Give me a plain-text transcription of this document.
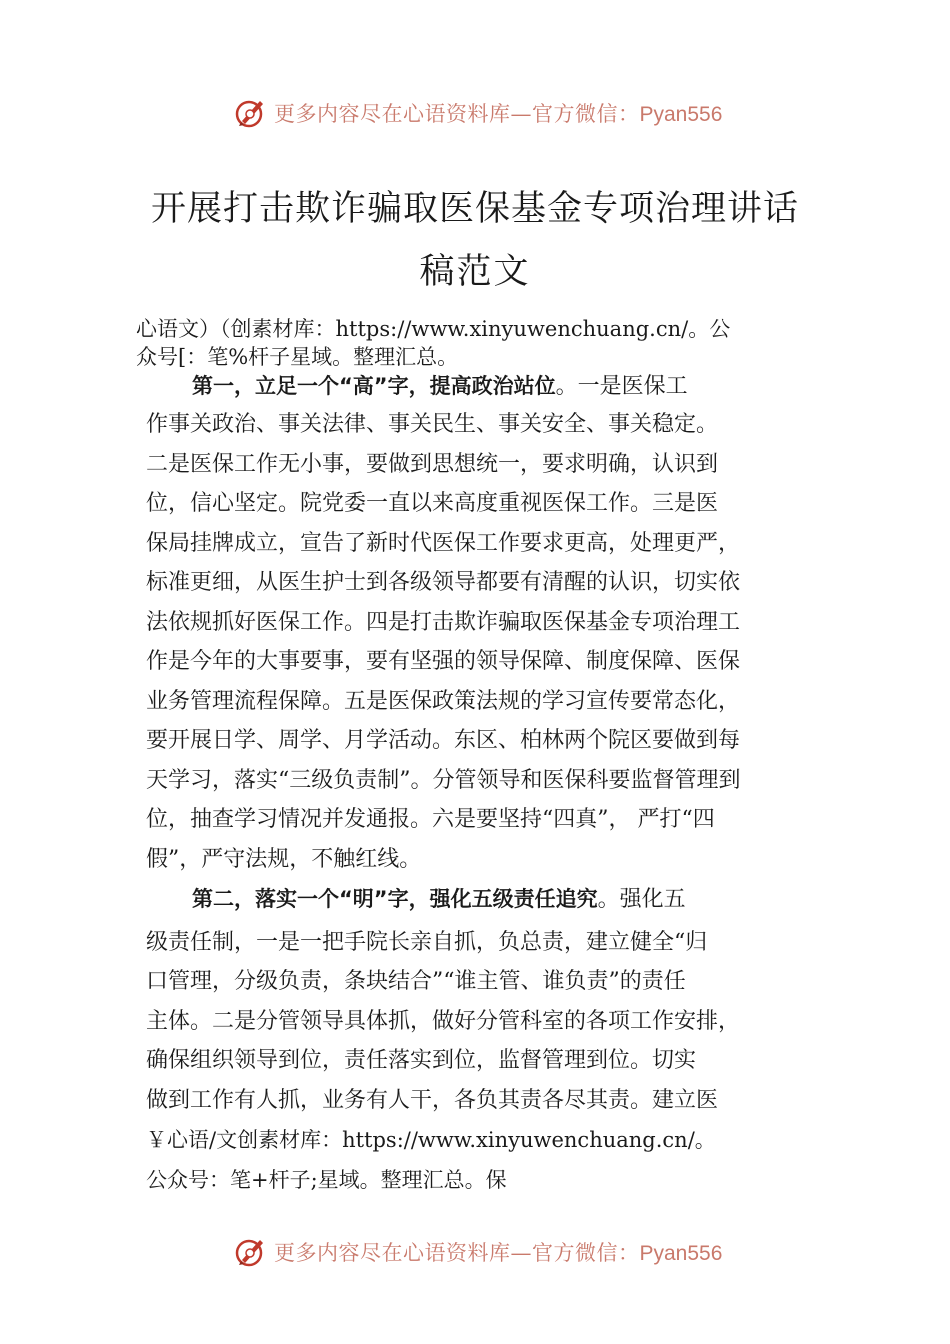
更多内容尽在心语资料库—官方微信：Pyan556
开展打击欺诈骗取医保基金专项治理讲话
稿范文
心语文）（创素材库：https://www.xinyuwenchuang.cn/。公
众号[：笔%杆子星域。整理汇总。
第一，立足一个“高”字，提高政治站位。一是医保工
作事关政治、事关法律、事关民生、事关安全、事关稳定。
二是医保工作无小事，要做到思想统一，要求明确，认识到
位，信心坚定。院党委一直以来高度重视医保工作。三是医
保局挂牌成立，宣告了新时代医保工作要求更高，处理更严，
标准更细，从医生护士到各级领导都要有清醒的认识，切实依
法依规抓好医保工作。四是打击欺诈骗取医保基金专项治理工
作是今年的大事要事，要有坚强的领导保障、制度保障、医保
业务管理流程保障。五是医保政策法规的学习宣传要常态化，
要开展日学、周学、月学活动。东区、柏林两个院区要做到每
天学习，落实“三级负责制”。分管领导和医保科要监督管理到
位，抽查学习情况并发通报。六是要坚持“四真”， 严打“四
假”，严守法规，不触红线。
第二，落实一个“明”字，强化五级责任追究。强化五
级责任制，一是一把手院长亲自抓，负总责，建立健全“归
口管理，分级负责，条块结合”“谁主管、谁负责”的责任
主体。二是分管领导具体抓，做好分管科室的各项工作安排，
确保组织领导到位，责任落实到位，监督管理到位。切实
做到工作有人抓，业务有人干，各负其责各尽其责。建立医
￥心语/文创素材库：https://www.xinyuwenchuang.cn/。
公众号：笔+杆子;星域。整理汇总。保
更多内容尽在心语资料库—官方微信：Pyan556
